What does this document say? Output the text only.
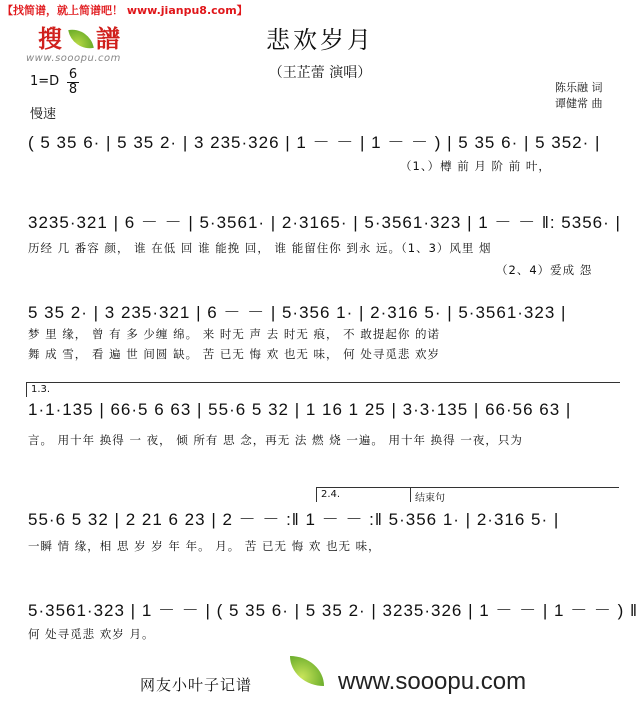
【找简谱，就上简谱吧！ www.jianpu8.com】
搜 譜
www.sooopu.com
悲欢岁月
（王芷蕾 演唱）
$1=D \frac{6}{8}$
慢速
陈乐融 词
谭健常 曲
( 5 35 6· | 5 35 2· | 3 235·326 | 1 － － | 1 － － ) | 5 35 6· | 5 352· |
（1、）樽 前 月 阶 前 叶，
3235·321 | 6 － － | 5·3561· | 2·3165· | 5·3561·323 | 1 － － ‖: 5356· |
历经 几 番容 颜， 谁 在低 回 谁 能挽 回， 谁 能留住你 到永 远。（1、3）风里 烟
（2、4）爱成 怨
5 35 2· | 3 235·321 | 6 － － | 5·356 1· | 2·316 5· | 5·3561·323 |
梦 里 缘， 曾 有 多 少缠 绵。 来 时无 声 去 时无 痕， 不 敢提起你 的诺
舞 成 雪， 看 遍 世 间圆 缺。 苦 已无 悔 欢 也无 味， 何 处寻觅悲 欢岁
1.3.
1·1·135 | 66·5 6 63 | 55·6 5 32 | 1 16 1 25 | 3·3·135 | 66·56 63 |
言。 用十年 换得 一 夜， 倾 所有 思 念，再无 法 燃 烧 一遍。 用十年 换得 一夜，只为
2.4.	结束句
55·6 5 32 | 2 21 6 23 | 2 － － :‖ 1 － － :‖ 5·356 1· | 2·316 5· |
一瞬 情 缘，相 思 岁 岁 年 年。 月。 苦 已无 悔 欢 也无 味，
5·3561·323 | 1 － － | ( 5 35 6· | 5 35 2· | 3235·326 | 1 － － | 1 － － ) ‖
何 处寻觅悲 欢岁 月。
网友小叶子记谱	www.sooopu.com
